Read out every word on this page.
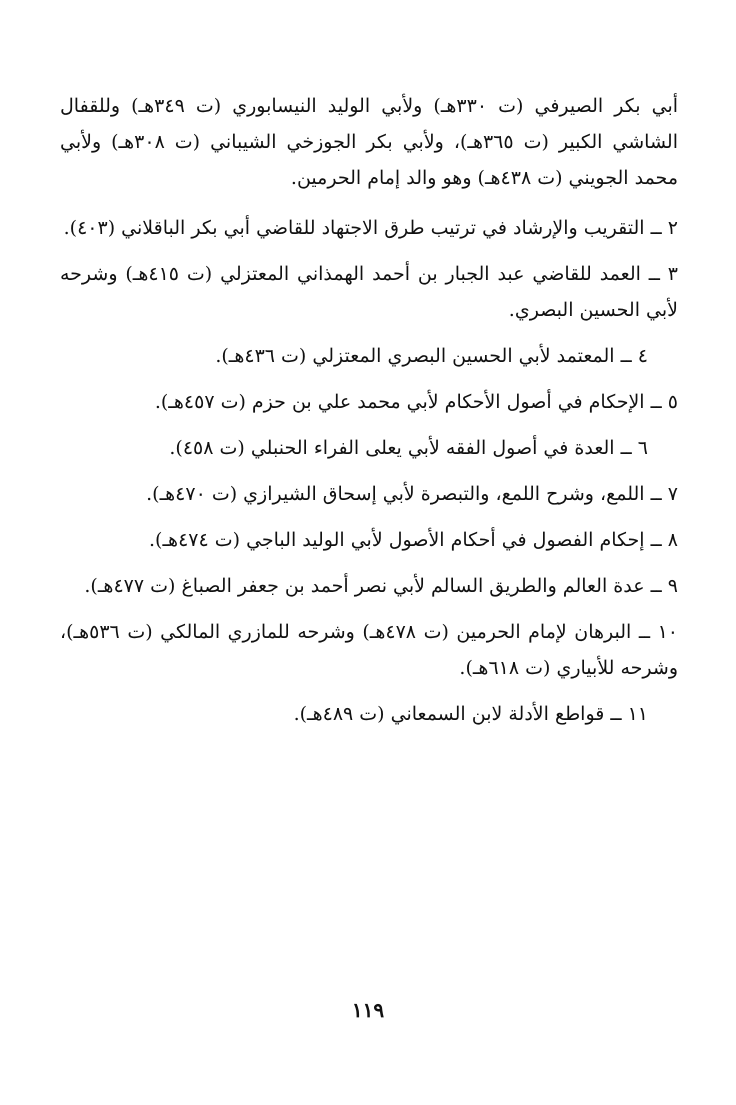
أبي بكر الصيرفي (ت ٣٣٠هـ) ولأبي الوليد النيسابوري (ت ٣٤٩هـ) وللقفال الشاشي الكبير (ت ٣٦٥هـ)، ولأبي بكر الجوزخي الشيباني (ت ٣٠٨هـ) ولأبي محمد الجويني (ت ٤٣٨هـ) وهو والد إمام الحرمين.

٢ ــ التقريب والإرشاد في ترتيب طرق الاجتهاد للقاضي أبي بكر الباقلاني (٤٠٣).

٣ ــ العمد للقاضي عبد الجبار بن أحمد الهمذاني المعتزلي (ت ٤١٥هـ) وشرحه لأبي الحسين البصري.

٤ ــ المعتمد لأبي الحسين البصري المعتزلي (ت ٤٣٦هـ).

٥ ــ الإحكام في أصول الأحكام لأبي محمد علي بن حزم (ت ٤٥٧هـ).

٦ ــ العدة في أصول الفقه لأبي يعلى الفراء الحنبلي (ت ٤٥٨).

٧ ــ اللمع، وشرح اللمع، والتبصرة لأبي إسحاق الشيرازي (ت ٤٧٠هـ).

٨ ــ إحكام الفصول في أحكام الأصول لأبي الوليد الباجي (ت ٤٧٤هـ).

٩ ــ عدة العالم والطريق السالم لأبي نصر أحمد بن جعفر الصباغ (ت ٤٧٧هـ).

١٠ ــ البرهان لإمام الحرمين (ت ٤٧٨هـ) وشرحه للمازري المالكي (ت ٥٣٦هـ)، وشرحه للأبياري (ت ٦١٨هـ).

١١ ــ قواطع الأدلة لابن السمعاني (ت ٤٨٩هـ).

١١٩
